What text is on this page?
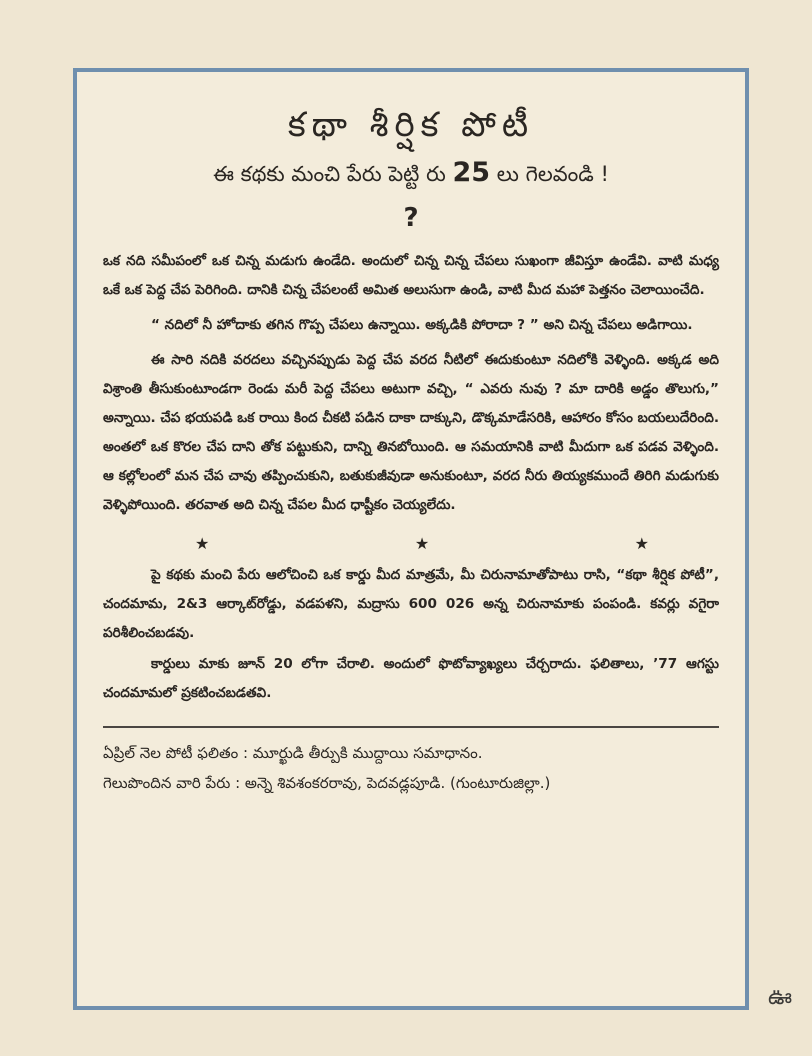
కథా శీర్షిక పోటీ
ఈ కథకు మంచి పేరు పెట్టి రు 25 లు గెలవండి !
?

ఒక నది సమీపంలో ఒక చిన్న మడుగు ఉండేది. అందులో చిన్న చిన్న చేపలు సుఖంగా జీవిస్తూ ఉండేవి. వాటి మధ్య ఒకే ఒక పెద్ద చేప పెరిగింది. దానికి చిన్న చేపలంటే అమిత అలుసుగా ఉండి, వాటి మీద మహా పెత్తనం చెలాయించేది.

“ నదిలో నీ హోదాకు తగిన గొప్ప చేపలు ఉన్నాయి. అక్కడికి పోరాదా ? ” అని చిన్న చేపలు అడిగాయి.

ఈ సారి నదికి వరదలు వచ్చినప్పుడు పెద్ద చేప వరద నీటిలో ఈదుకుంటూ నదిలోకి వెళ్ళింది. అక్కడ అది విశ్రాంతి తీసుకుంటూండగా రెండు మరీ పెద్ద చేపలు అటుగా వచ్చి, “ ఎవరు నువు ? మా దారికి అడ్డం తొలుగు,” అన్నాయి. చేప భయపడి ఒక రాయి కింద చీకటి పడిన దాకా దాక్కుని, డొక్కమాడేసరికి, ఆహారం కోసం బయలుదేరింది. అంతలో ఒక కొరల చేప దాని తోక పట్టుకుని, దాన్ని తినబోయింది. ఆ సమయానికి వాటి మీదుగా ఒక పడవ వెళ్ళింది. ఆ కల్లోలంలో మన చేప చావు తప్పించుకుని, బతుకుజీవుడా అనుకుంటూ, వరద నీరు తియ్యకముందే తిరిగి మడుగుకు వెళ్ళిపోయింది. తరవాత అది చిన్న చేపల మీద ధాష్టీకం చెయ్యలేదు.

★	★	★

పై కథకు మంచి పేరు ఆలోచించి ఒక కార్డు మీద మాత్రమే, మీ చిరునామాతోపాటు రాసి, “కథా శీర్షిక పోటీ”, చందమామ, 2&3 ఆర్కాట్‌రోడ్డు, వడపళని, మద్రాసు 600 026 అన్న చిరునామాకు పంపండి. కవర్లు వగైరా పరిశీలించబడవు.

కార్డులు మాకు జూన్ 20 లోగా చేరాలి. అందులో ఫొటోవ్యాఖ్యలు చేర్చరాదు. ఫలితాలు, ’77 ఆగస్టు చందమామలో ప్రకటించబడతవి.

ఏప్రిల్ నెల పోటీ ఫలితం : మూర్ఖుడి తీర్పుకి ముద్దాయి సమాధానం.

గెలుపొందిన వారి పేరు : అన్నె శివశంకరరావు, పెదవడ్లపూడి. (గుంటూరుజిల్లా.)

ఊ
